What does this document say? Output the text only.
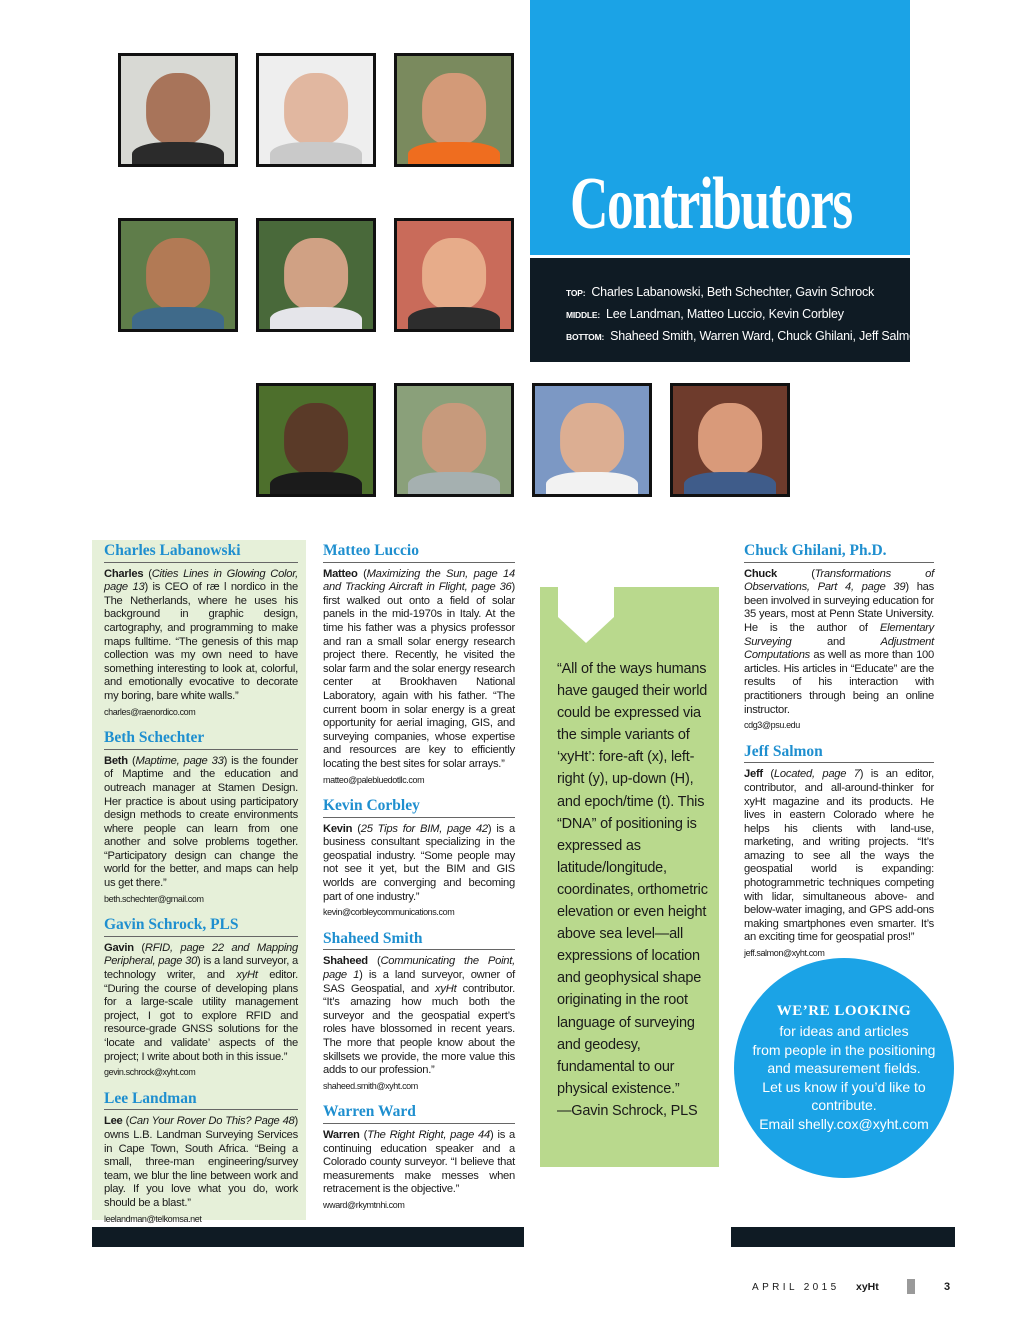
Contributors
TOP: Charles Labanowski, Beth Schechter, Gavin Schrock
MIDDLE: Lee Landman, Matteo Luccio, Kevin Corbley
BOTTOM: Shaheed Smith, Warren Ward, Chuck Ghilani, Jeff Salmon
Charles Labanowski

Charles (Cities Lines in Glowing Color, page 13) is CEO of ræ l nordico in the The Netherlands, where he uses his background in graphic design, cartography, and programming to make maps fulltime. “The genesis of this map collection was my own need to have something interesting to look at, colorful, and emotionally evocative to decorate my boring, bare white walls.”
charles@raenordico.com

Beth Schechter

Beth (Maptime, page 33) is the founder of Maptime and the education and outreach manager at Stamen Design. Her practice is about using participatory design methods to create environments where people can learn from one another and solve problems together. “Participatory design can change the world for the better, and maps can help us get there.”
beth.schechter@gmail.com

Gavin Schrock, PLS

Gavin (RFID, page 22 and Mapping Peripheral, page 30) is a land surveyor, a technology writer, and xyHt editor. “During the course of developing plans for a large-scale utility management project, I got to explore RFID and resource-grade GNSS solutions for the ‘locate and validate’ aspects of the project; I write about both in this issue.”
gevin.schrock@xyht.com

Lee Landman

Lee (Can Your Rover Do This? Page 48) owns L.B. Landman Surveying Services in Cape Town, South Africa. “Being a small, three-man engineering/survey team, we blur the line between work and play. If you love what you do, work should be a blast.”
leelandman@telkomsa.net

Matteo Luccio

Matteo (Maximizing the Sun, page 14 and Tracking Aircraft in Flight, page 36) first walked out onto a field of solar panels in the mid-1970s in Italy. At the time his father was a physics professor and ran a small solar energy research project there. Recently, he visited the solar farm and the solar energy research center at Brookhaven National Laboratory, again with his father. “The current boom in solar energy is a great opportunity for aerial imaging, GIS, and surveying companies, whose expertise and resources are key to efficiently locating the best sites for solar arrays.”
matteo@palebluedotllc.com

Kevin Corbley

Kevin (25 Tips for BIM, page 42) is a business consultant specializing in the geospatial industry. “Some people may not see it yet, but the BIM and GIS worlds are converging and becoming part of one industry.”
kevin@corbleycommunications.com

Shaheed Smith

Shaheed (Communicating the Point, page 1) is a land surveyor, owner of SAS Geospatial, and xyHt contributor. “It’s amazing how much both the surveyor and the geospatial expert’s roles have blossomed in recent years. The more that people know about the skillsets we provide, the more value this adds to our profession.”
shaheed.smith@xyht.com

Warren Ward

Warren (The Right Right, page 44) is a continuing education speaker and a Colorado county surveyor. “I believe that measurements make messes when retracement is the objective.”
wward@rkymtnhi.com

“All of the ways humans have gauged their world could be expressed via the simple variants of ‘xyHt’: fore-aft (x), left-right (y), up-down (H), and epoch/time (t). This “DNA” of positioning is expressed as latitude/longitude, coordinates, orthometric elevation or even height above sea level—all expressions of location and geophysical shape originating in the root language of surveying and geodesy, fundamental to our physical existence.”

—Gavin Schrock, PLS

Chuck Ghilani, Ph.D.

Chuck (Transformations of Observations, Part 4, page 39) has been involved in surveying education for 35 years, most at Penn State University. He is the author of Elementary Surveying and Adjustment Computations as well as more than 100 articles. His articles in “Educate” are the results of his interaction with practitioners through being an online instructor.
cdg3@psu.edu

Jeff Salmon

Jeff (Located, page 7) is an editor, contributor, and all-around-thinker for xyHt magazine and its products. He lives in eastern Colorado where he helps his clients with land-use, marketing, and writing projects. “It’s amazing to see all the ways the geospatial world is expanding: photogrammetric techniques competing with lidar, simultaneous above- and below-water imaging, and GPS add-ons making smartphones even smarter. It’s an exciting time for geospatial pros!”
jeff.salmon@xyht.com

WE’RE LOOKING
for ideas and articles
from people in the positioning
and measurement fields.
Let us know if you’d like to
contribute.
Email shelly.cox@xyht.com
APRIL 2015 xyHt	3
